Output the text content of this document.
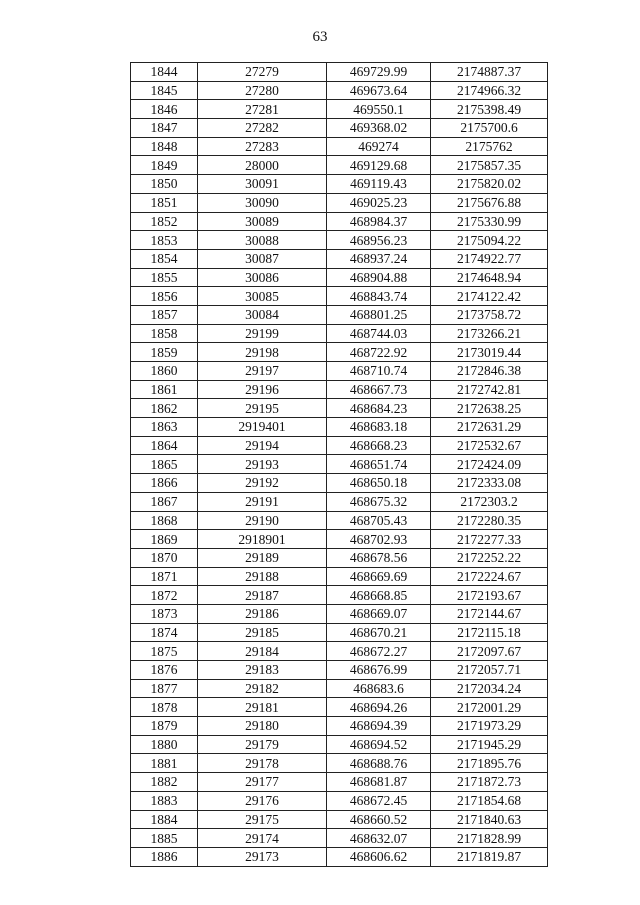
63
1844	27279	469729.99	2174887.37
1845	27280	469673.64	2174966.32
1846	27281	469550.1	2175398.49
1847	27282	469368.02	2175700.6
1848	27283	469274	2175762
1849	28000	469129.68	2175857.35
1850	30091	469119.43	2175820.02
1851	30090	469025.23	2175676.88
1852	30089	468984.37	2175330.99
1853	30088	468956.23	2175094.22
1854	30087	468937.24	2174922.77
1855	30086	468904.88	2174648.94
1856	30085	468843.74	2174122.42
1857	30084	468801.25	2173758.72
1858	29199	468744.03	2173266.21
1859	29198	468722.92	2173019.44
1860	29197	468710.74	2172846.38
1861	29196	468667.73	2172742.81
1862	29195	468684.23	2172638.25
1863	2919401	468683.18	2172631.29
1864	29194	468668.23	2172532.67
1865	29193	468651.74	2172424.09
1866	29192	468650.18	2172333.08
1867	29191	468675.32	2172303.2
1868	29190	468705.43	2172280.35
1869	2918901	468702.93	2172277.33
1870	29189	468678.56	2172252.22
1871	29188	468669.69	2172224.67
1872	29187	468668.85	2172193.67
1873	29186	468669.07	2172144.67
1874	29185	468670.21	2172115.18
1875	29184	468672.27	2172097.67
1876	29183	468676.99	2172057.71
1877	29182	468683.6	2172034.24
1878	29181	468694.26	2172001.29
1879	29180	468694.39	2171973.29
1880	29179	468694.52	2171945.29
1881	29178	468688.76	2171895.76
1882	29177	468681.87	2171872.73
1883	29176	468672.45	2171854.68
1884	29175	468660.52	2171840.63
1885	29174	468632.07	2171828.99
1886	29173	468606.62	2171819.87
